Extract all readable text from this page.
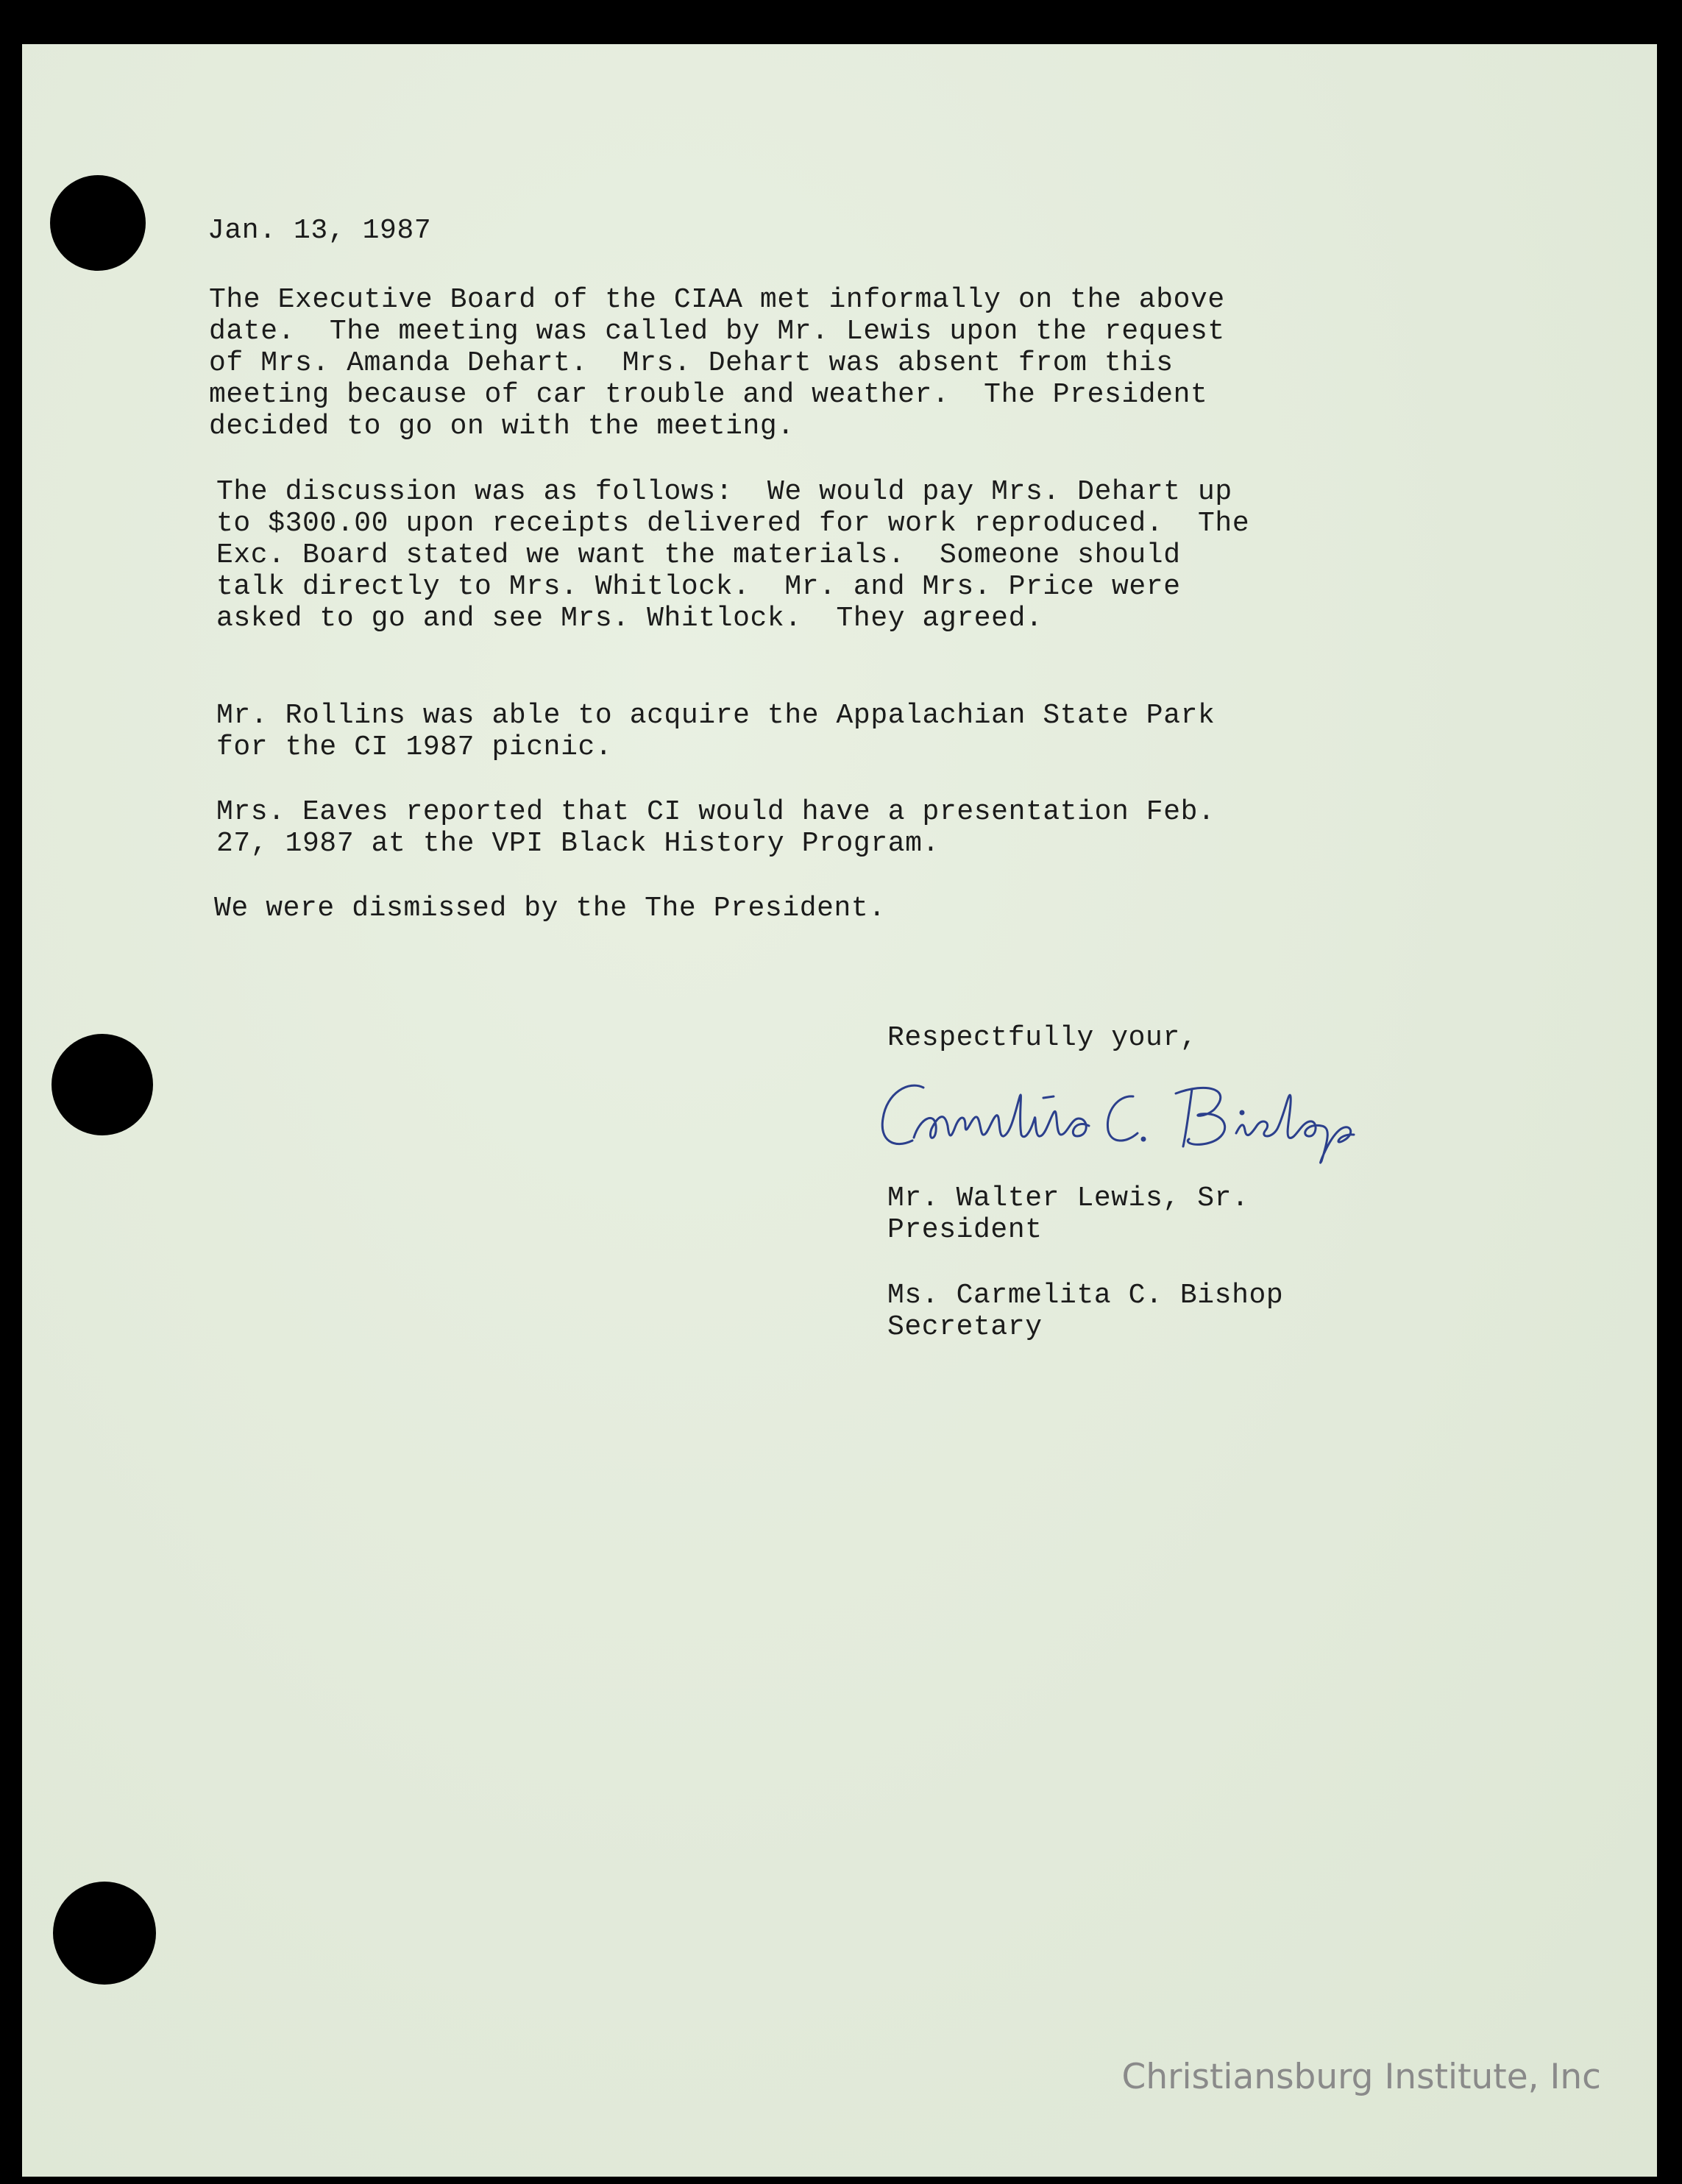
Jan. 13, 1987

The Executive Board of the CIAA met informally on the above
date.  The meeting was called by Mr. Lewis upon the request
of Mrs. Amanda Dehart.  Mrs. Dehart was absent from this
meeting because of car trouble and weather.  The President
decided to go on with the meeting.

The discussion was as follows:  We would pay Mrs. Dehart up
to $300.00 upon receipts delivered for work reproduced.  The
Exc. Board stated we want the materials.  Someone should
talk directly to Mrs. Whitlock.  Mr. and Mrs. Price were
asked to go and see Mrs. Whitlock.  They agreed.

Mr. Rollins was able to acquire the Appalachian State Park
for the CI 1987 picnic.

Mrs. Eaves reported that CI would have a presentation Feb.
27, 1987 at the VPI Black History Program.

We were dismissed by the The President.

Respectfully your,

Mr. Walter Lewis, Sr.

President

Ms. Carmelita C. Bishop

Secretary

Christiansburg Institute, Inc
